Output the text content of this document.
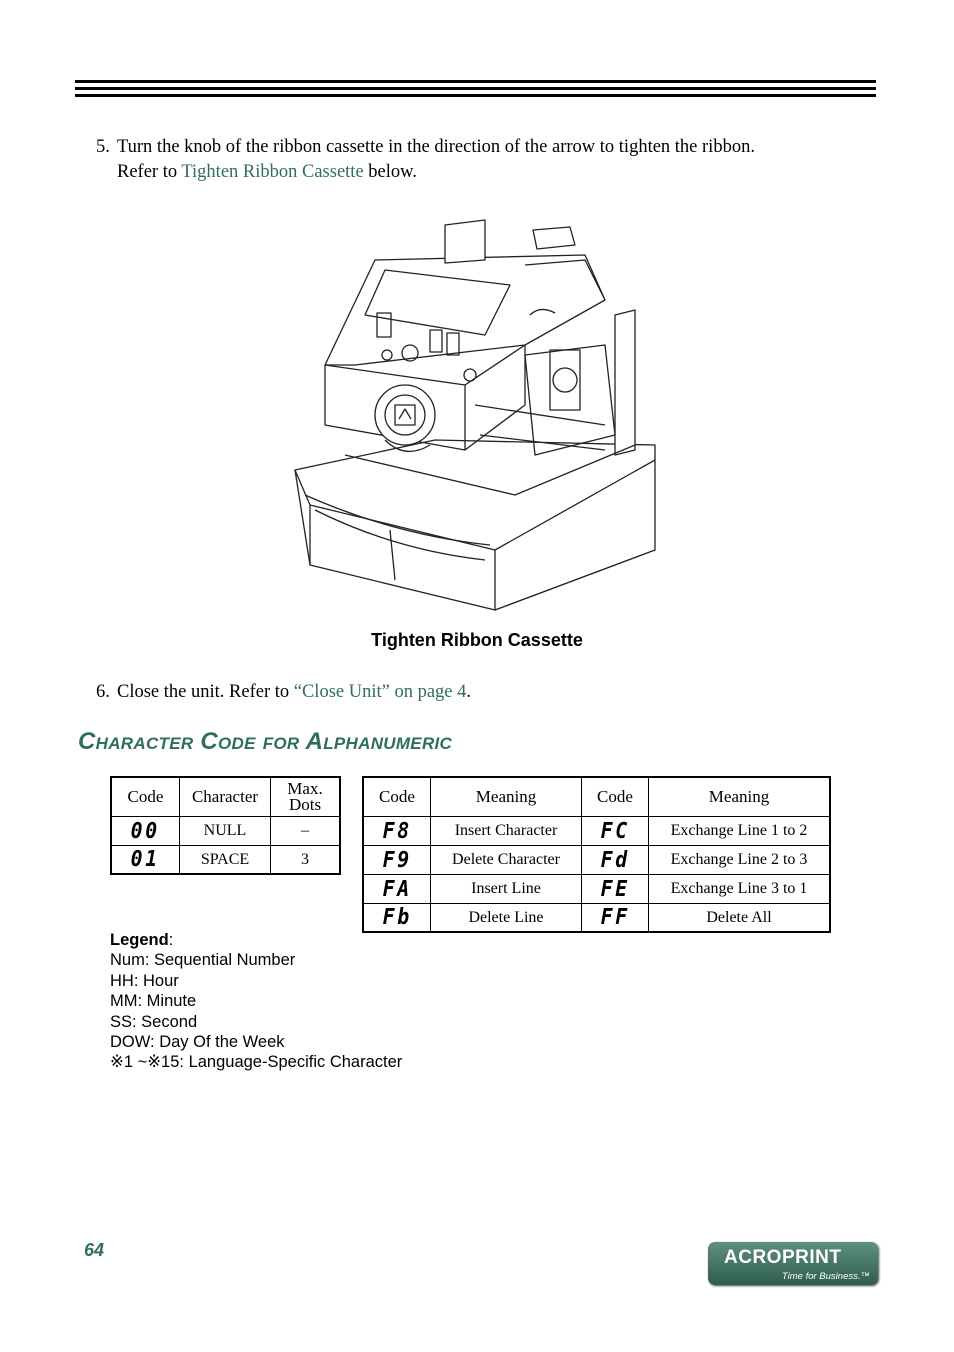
5. Turn the knob of the ribbon cassette in the direction of the arrow to tighten the ribbon.
Refer to Tighten Ribbon Cassette below.
Tighten Ribbon Cassette
6. Close the unit. Refer to “Close Unit” on page 4.
Character Code for Alphanumeric
Code	Character	Max.
Dots

00	NULL	–
01	SPACE	3
Code	Meaning	Code	Meaning
F8	Insert Character	FC	Exchange Line 1 to 2
F9	Delete Character	Fd	Exchange Line 2 to 3
FA	Insert Line	FE	Exchange Line 3 to 1
Fb	Delete Line	FF	Delete All
Legend:
Num: Sequential Number
HH: Hour
MM: Minute
SS: Second
DOW: Day Of the Week
※1 ~※15: Language-Specific Character
64	ACROPRINT
Time for Business.™
